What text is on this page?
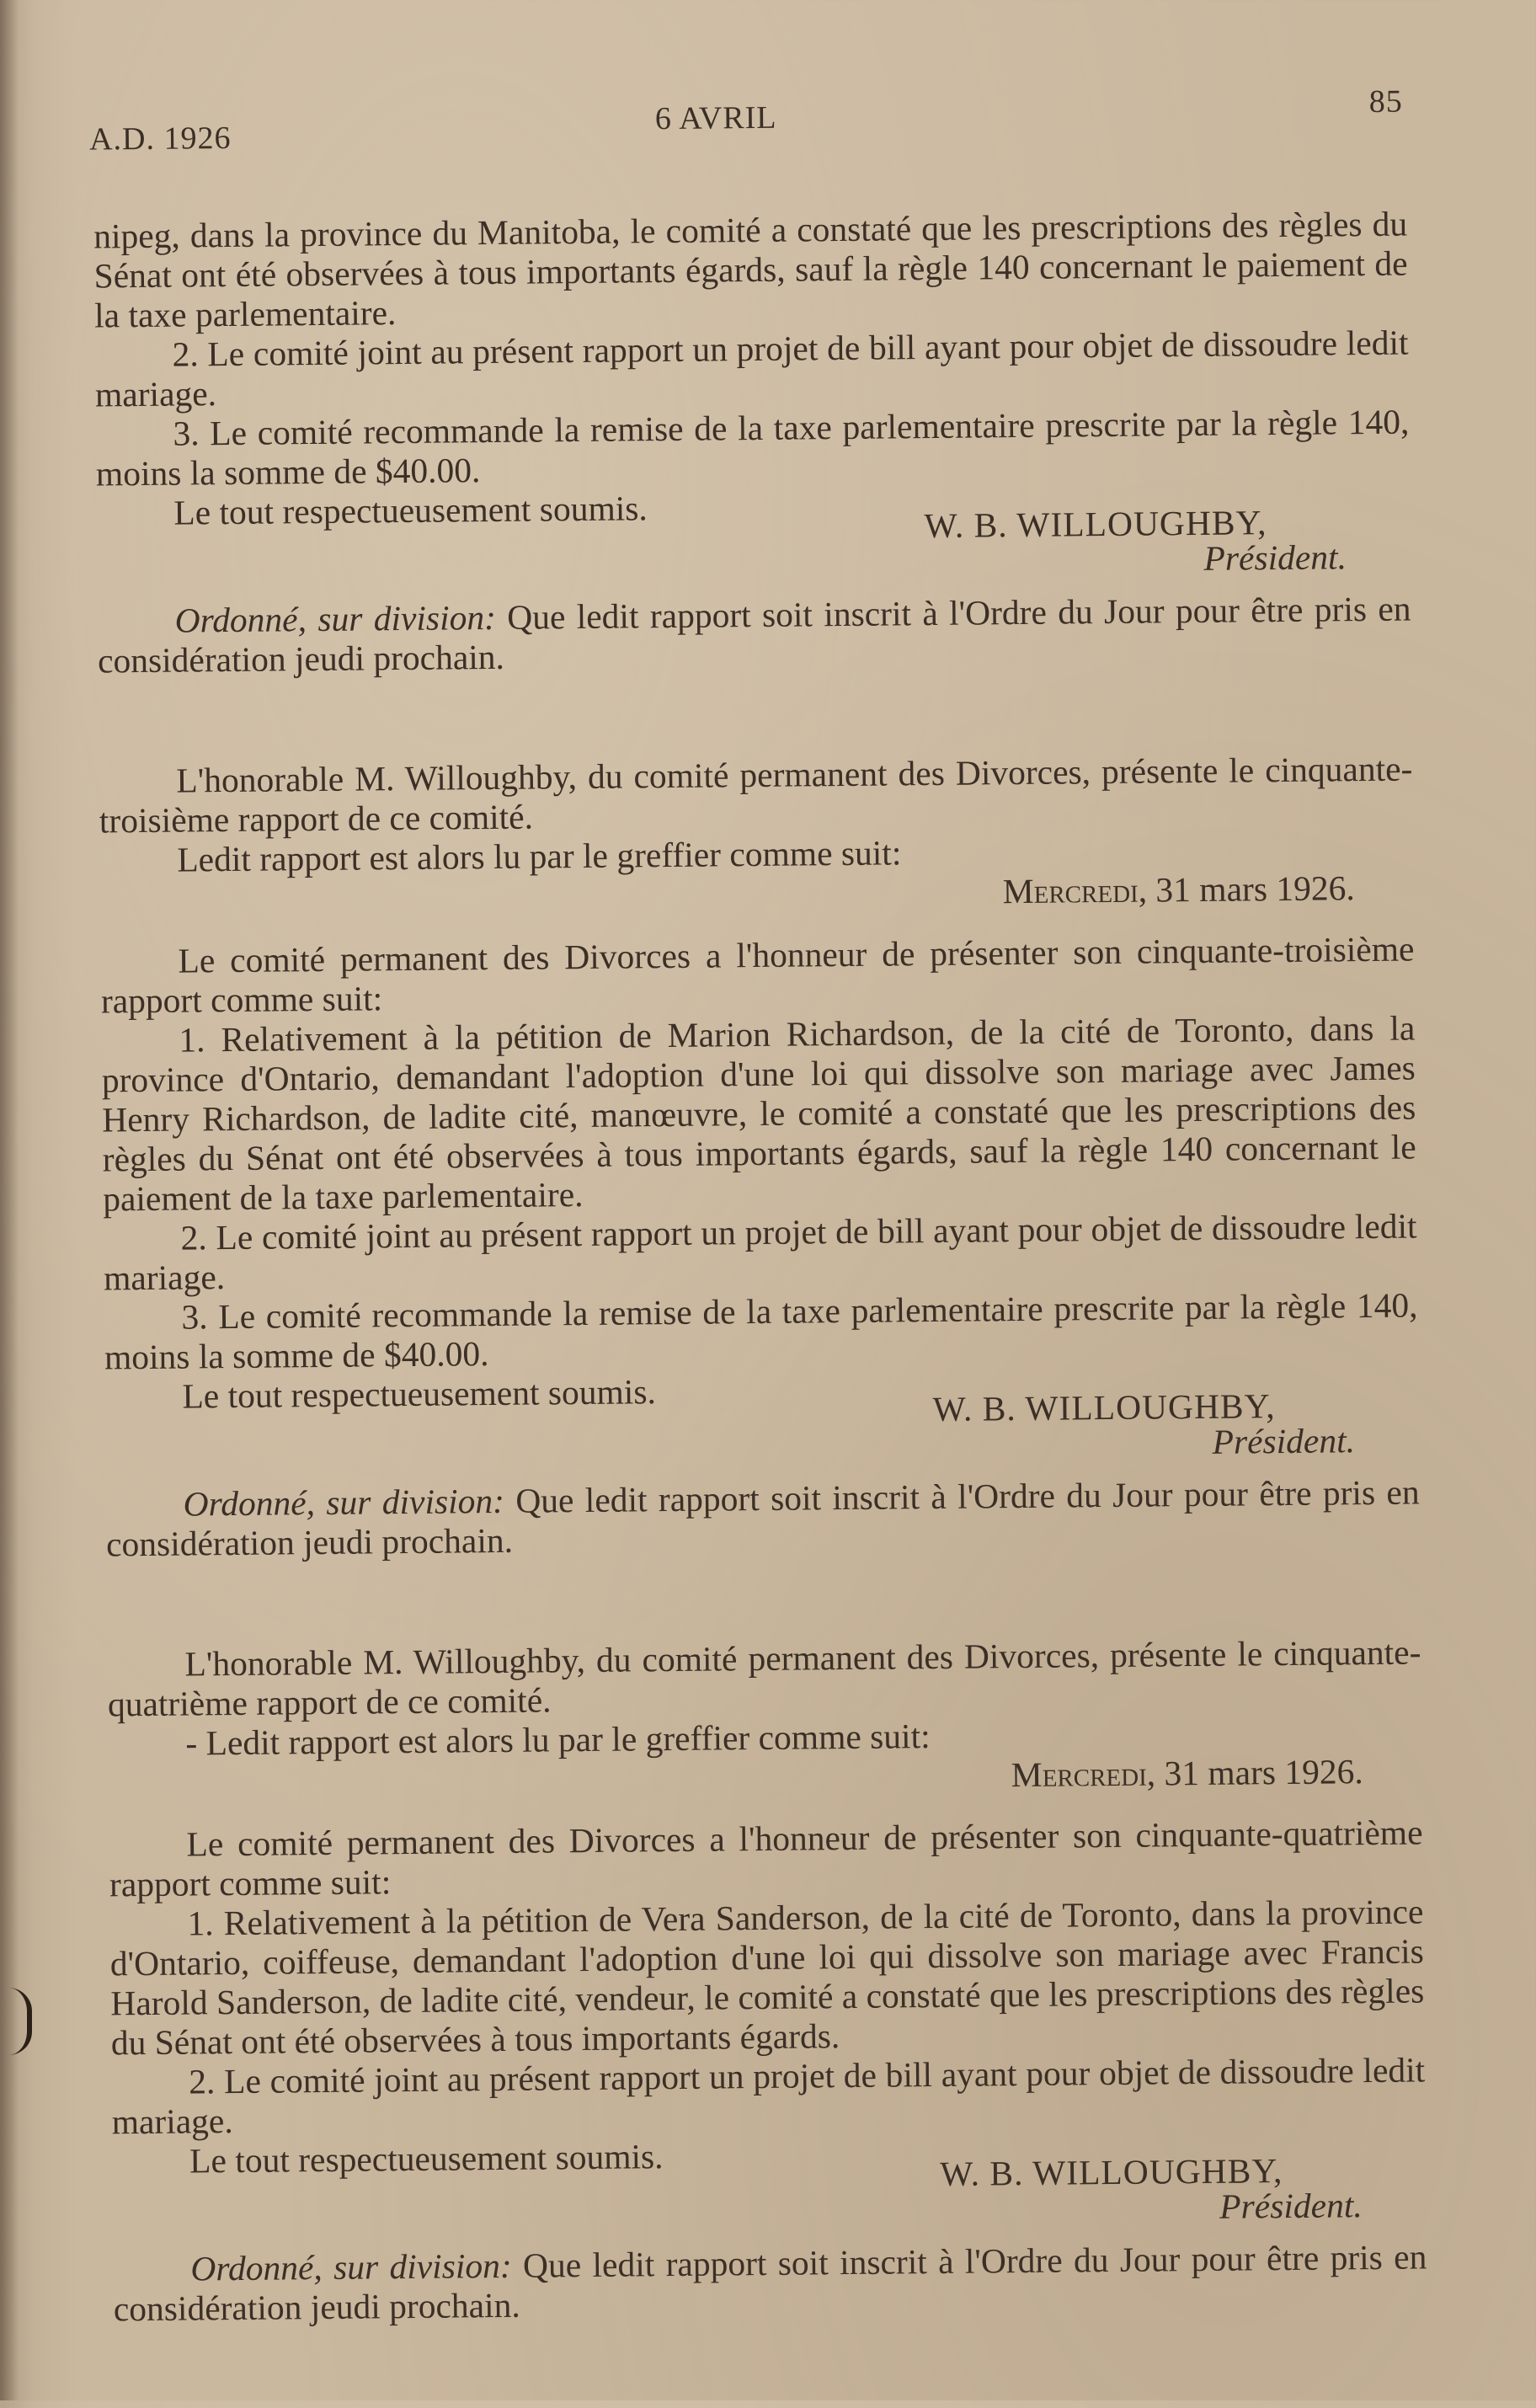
A.D. 1926
6 AVRIL	85

nipeg, dans la province du Manitoba, le comité a constaté que les prescriptions des règles du Sénat ont été observées à tous importants égards, sauf la règle 140 concernant le paiement de la taxe parlementaire.

2. Le comité joint au présent rapport un projet de bill ayant pour objet de dissoudre ledit mariage.

3. Le comité recommande la remise de la taxe parlementaire prescrite par la règle 140, moins la somme de $40.00.

Le tout respectueusement soumis.	W. B. WILLOUGHBY,
Président.

Ordonné, sur division: Que ledit rapport soit inscrit à l'Ordre du Jour pour être pris en considération jeudi prochain.

L'honorable M. Willoughby, du comité permanent des Divorces, présente le cinquante-troisième rapport de ce comité.

Ledit rapport est alors lu par le greffier comme suit:

Mercredi, 31 mars 1926.

Le comité permanent des Divorces a l'honneur de présenter son cinquante-troisième rapport comme suit:

1. Relativement à la pétition de Marion Richardson, de la cité de Toronto, dans la province d'Ontario, demandant l'adoption d'une loi qui dissolve son mariage avec James Henry Richardson, de ladite cité, manœuvre, le comité a constaté que les prescriptions des règles du Sénat ont été observées à tous importants égards, sauf la règle 140 concernant le paiement de la taxe parlementaire.

2. Le comité joint au présent rapport un projet de bill ayant pour objet de dissoudre ledit mariage.

3. Le comité recommande la remise de la taxe parlementaire prescrite par la règle 140, moins la somme de $40.00.

Le tout respectueusement soumis.	W. B. WILLOUGHBY,
Président.

Ordonné, sur division: Que ledit rapport soit inscrit à l'Ordre du Jour pour être pris en considération jeudi prochain.

L'honorable M. Willoughby, du comité permanent des Divorces, présente le cinquante-quatrième rapport de ce comité.

- Ledit rapport est alors lu par le greffier comme suit:

Mercredi, 31 mars 1926.

Le comité permanent des Divorces a l'honneur de présenter son cinquante-quatrième rapport comme suit:

1. Relativement à la pétition de Vera Sanderson, de la cité de Toronto, dans la province d'Ontario, coiffeuse, demandant l'adoption d'une loi qui dissolve son mariage avec Francis Harold Sanderson, de ladite cité, vendeur, le comité a constaté que les prescriptions des règles du Sénat ont été observées à tous importants égards.

2. Le comité joint au présent rapport un projet de bill ayant pour objet de dissoudre ledit mariage.

Le tout respectueusement soumis.	W. B. WILLOUGHBY,
Président.

Ordonné, sur division: Que ledit rapport soit inscrit à l'Ordre du Jour pour être pris en considération jeudi prochain.
